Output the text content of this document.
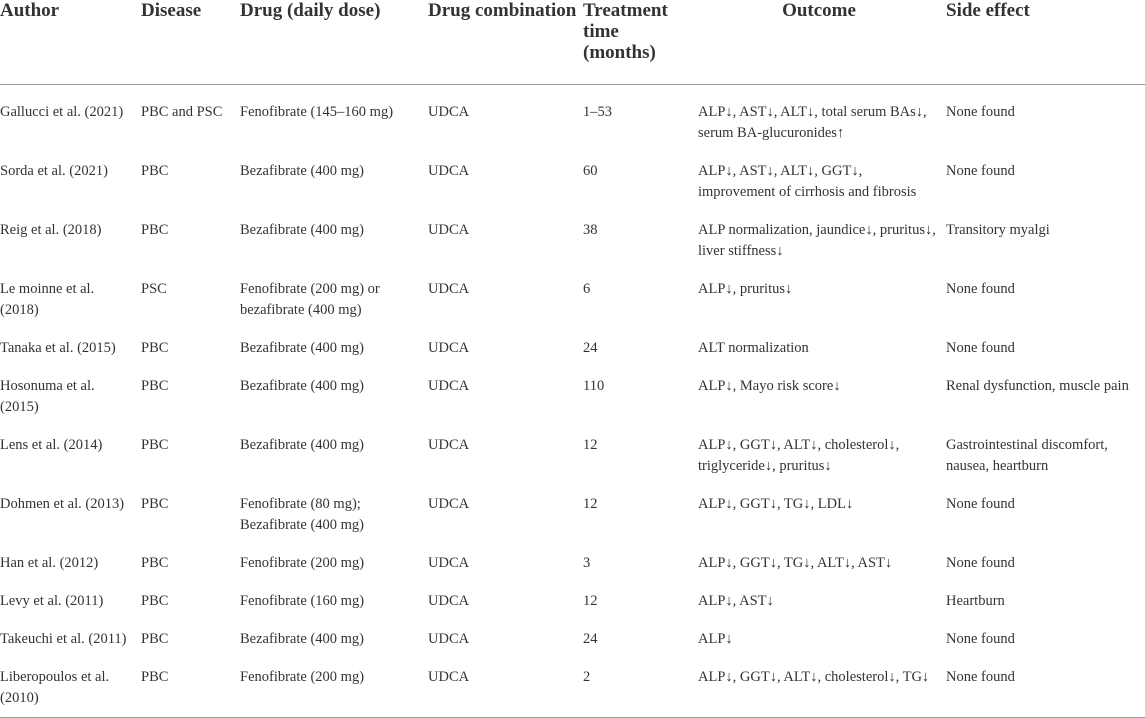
Author	Disease	Drug (daily dose)	Drug combination	Treatment time (months)	Outcome	Side effect
Gallucci et al. (2021)	PBC and PSC	Fenofibrate (145–160 mg)	UDCA	1–53	ALP↓, AST↓, ALT↓, total serum BAs↓, serum BA-glucuronides↑	None found
Sorda et al. (2021)	PBC	Bezafibrate (400 mg)	UDCA	60	ALP↓, AST↓, ALT↓, GGT↓, improvement of cirrhosis and fibrosis	None found
Reig et al. (2018)	PBC	Bezafibrate (400 mg)	UDCA	38	ALP normalization, jaundice↓, pruritus↓, liver stiffness↓	Transitory myalgi
Le moinne et al. (2018)	PSC	Fenofibrate (200 mg) or bezafibrate (400 mg)	UDCA	6	ALP↓, pruritus↓	None found
Tanaka et al. (2015)	PBC	Bezafibrate (400 mg)	UDCA	24	ALT normalization	None found
Hosonuma et al. (2015)	PBC	Bezafibrate (400 mg)	UDCA	110	ALP↓, Mayo risk score↓	Renal dysfunction, muscle pain
Lens et al. (2014)	PBC	Bezafibrate (400 mg)	UDCA	12	ALP↓, GGT↓, ALT↓, cholesterol↓, triglyceride↓, pruritus↓	Gastrointestinal discomfort, nausea, heartburn
Dohmen et al. (2013)	PBC	Fenofibrate (80 mg); Bezafibrate (400 mg)	UDCA	12	ALP↓, GGT↓, TG↓, LDL↓	None found
Han et al. (2012)	PBC	Fenofibrate (200 mg)	UDCA	3	ALP↓, GGT↓, TG↓, ALT↓, AST↓	None found
Levy et al. (2011)	PBC	Fenofibrate (160 mg)	UDCA	12	ALP↓, AST↓	Heartburn
Takeuchi et al. (2011)	PBC	Bezafibrate (400 mg)	UDCA	24	ALP↓	None found
Liberopoulos et al. (2010)	PBC	Fenofibrate (200 mg)	UDCA	2	ALP↓, GGT↓, ALT↓, cholesterol↓, TG↓	None found
